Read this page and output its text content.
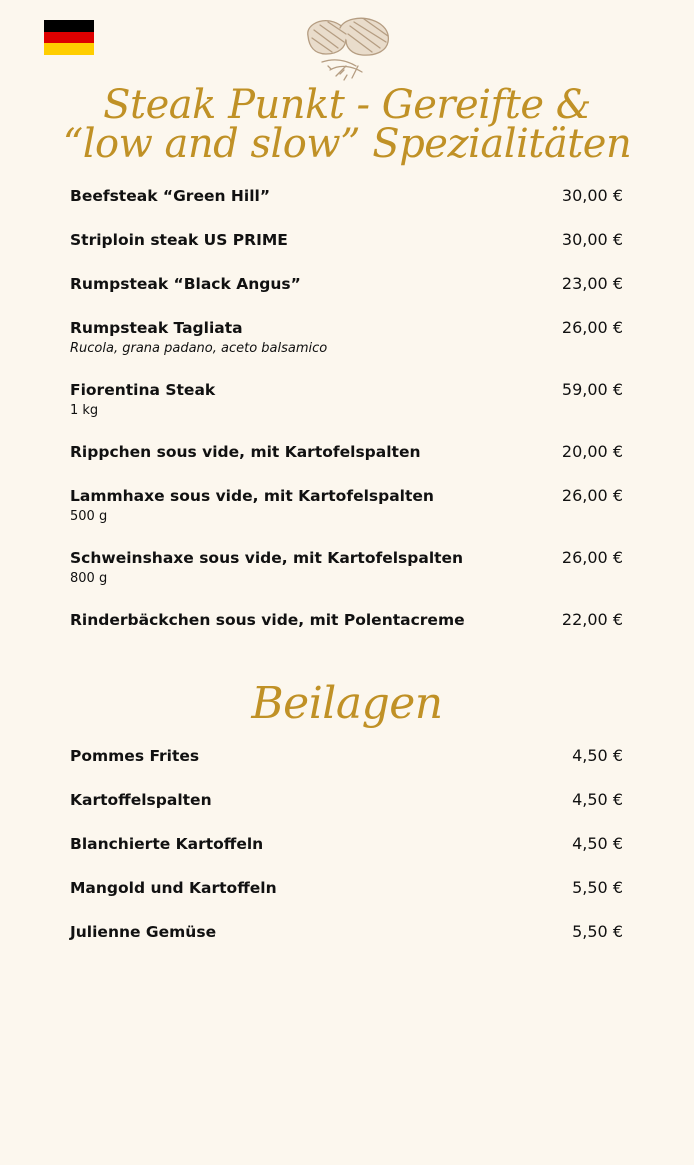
Steak Punkt - Gereifte &
“low and slow” Spezialitäten
Beefsteak “Green Hill”	30,00 €
Striploin steak US PRIME	30,00 €
Rumpsteak “Black Angus”	23,00 €
Rumpsteak Tagliata	26,00 €
Rucola, grana padano, aceto balsamico
Fiorentina Steak	59,00 €
1 kg
Rippchen sous vide, mit Kartofelspalten	20,00 €
Lammhaxe sous vide, mit Kartofelspalten	26,00 €
500 g
Schweinshaxe sous vide, mit Kartofelspalten	26,00 €
800 g
Rinderbäckchen sous vide, mit Polentacreme	22,00 €
Beilagen
Pommes Frites	4,50 €
Kartoffelspalten	4,50 €
Blanchierte Kartoffeln	4,50 €
Mangold und Kartoffeln	5,50 €
Julienne Gemüse	5,50 €
